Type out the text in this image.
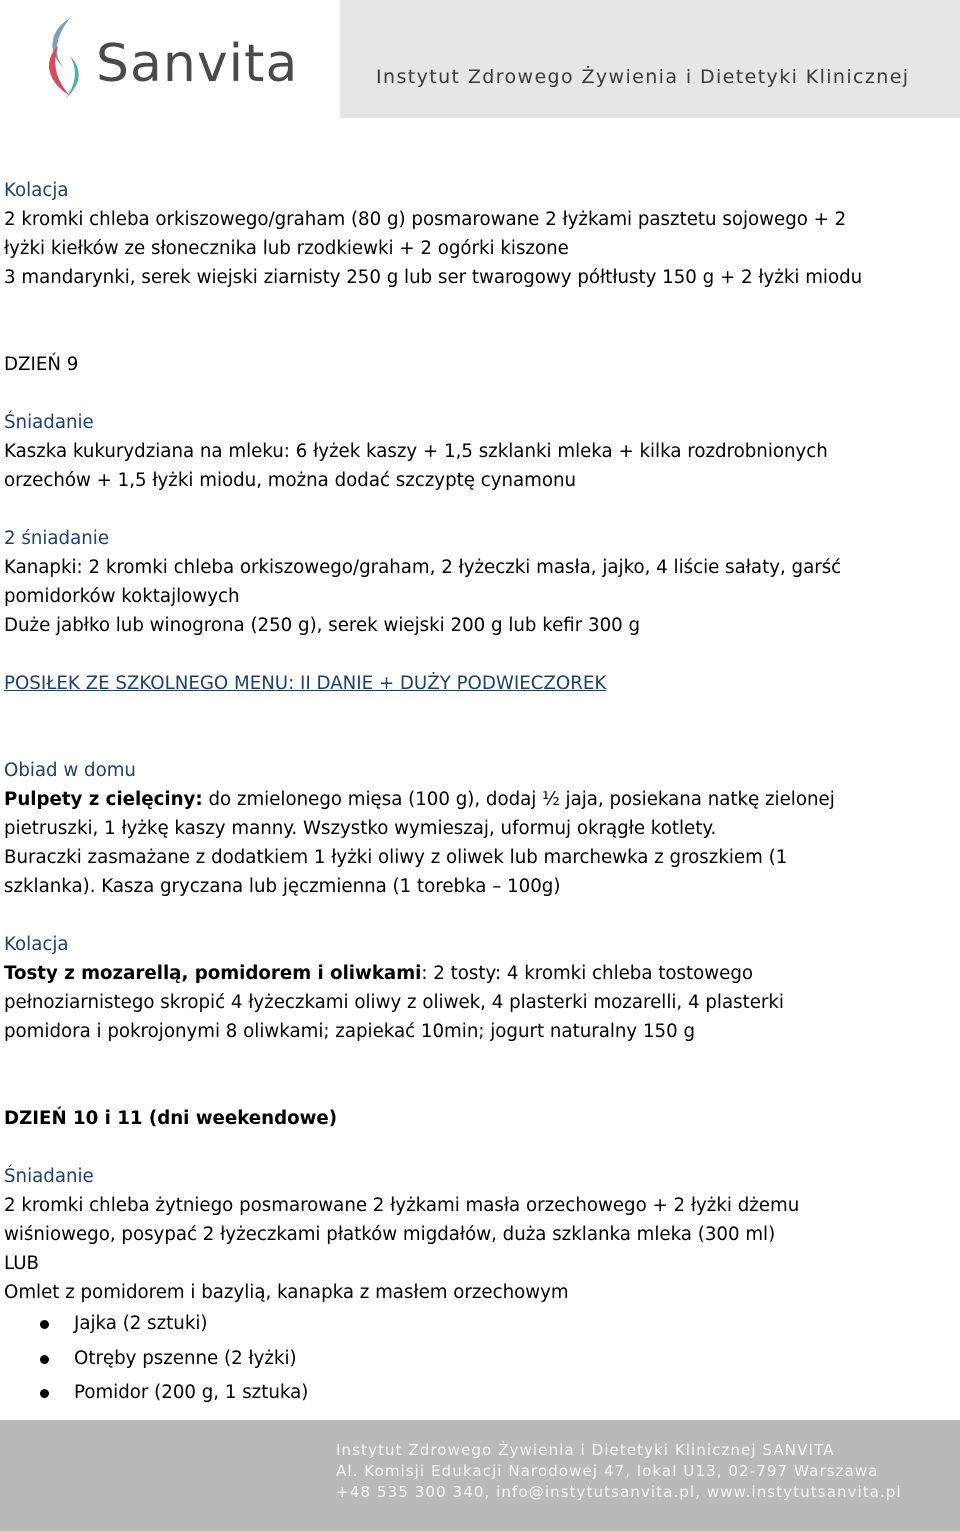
Sanvita	Instytut Zdrowego Żywienia i Dietetyki Klinicznej
Kolacja
2 kromki chleba orkiszowego/graham (80 g) posmarowane 2 łyżkami pasztetu sojowego + 2
łyżki kiełków ze słonecznika lub rzodkiewki + 2 ogórki kiszone
3 mandarynki, serek wiejski ziarnisty 250 g lub ser twarogowy półtłusty 150 g + 2 łyżki miodu
DZIEŃ 9
Śniadanie
Kaszka kukurydziana na mleku: 6 łyżek kaszy + 1,5 szklanki mleka + kilka rozdrobnionych
orzechów + 1,5 łyżki miodu, można dodać szczyptę cynamonu
2 śniadanie
Kanapki: 2 kromki chleba orkiszowego/graham, 2 łyżeczki masła, jajko, 4 liście sałaty, garść
pomidorków koktajlowych
Duże jabłko lub winogrona (250 g), serek wiejski 200 g lub kefir 300 g
POSIŁEK ZE SZKOLNEGO MENU: II DANIE + DUŻY PODWIECZOREK
Obiad w domu
Pulpety z cielęciny: do zmielonego mięsa (100 g), dodaj ½ jaja, posiekana natkę zielonej
pietruszki, 1 łyżkę kaszy manny. Wszystko wymieszaj, uformuj okrągłe kotlety.
Buraczki zasmażane z dodatkiem 1 łyżki oliwy z oliwek lub marchewka z groszkiem (1
szklanka). Kasza gryczana lub jęczmienna (1 torebka – 100g)
Kolacja
Tosty z mozarellą, pomidorem i oliwkami: 2 tosty: 4 kromki chleba tostowego
pełnoziarnistego skropić 4 łyżeczkami oliwy z oliwek, 4 plasterki mozarelli, 4 plasterki
pomidora i pokrojonymi 8 oliwkami; zapiekać 10min; jogurt naturalny 150 g
DZIEŃ 10 i 11 (dni weekendowe)
Śniadanie
2 kromki chleba żytniego posmarowane 2 łyżkami masła orzechowego + 2 łyżki dżemu
wiśniowego, posypać 2 łyżeczkami płatków migdałów, duża szklanka mleka (300 ml)
LUB
Omlet z pomidorem i bazylią, kanapka z masłem orzechowym
Jajka (2 sztuki)
Otręby pszenne (2 łyżki)
Pomidor (200 g, 1 sztuka)
Instytut Zdrowego Żywienia i Dietetyki Klinicznej SANVITA
Al. Komisji Edukacji Narodowej 47, lokal U13, 02-797 Warszawa
+48 535 300 340, info@instytutsanvita.pl, www.instytutsanvita.pl
